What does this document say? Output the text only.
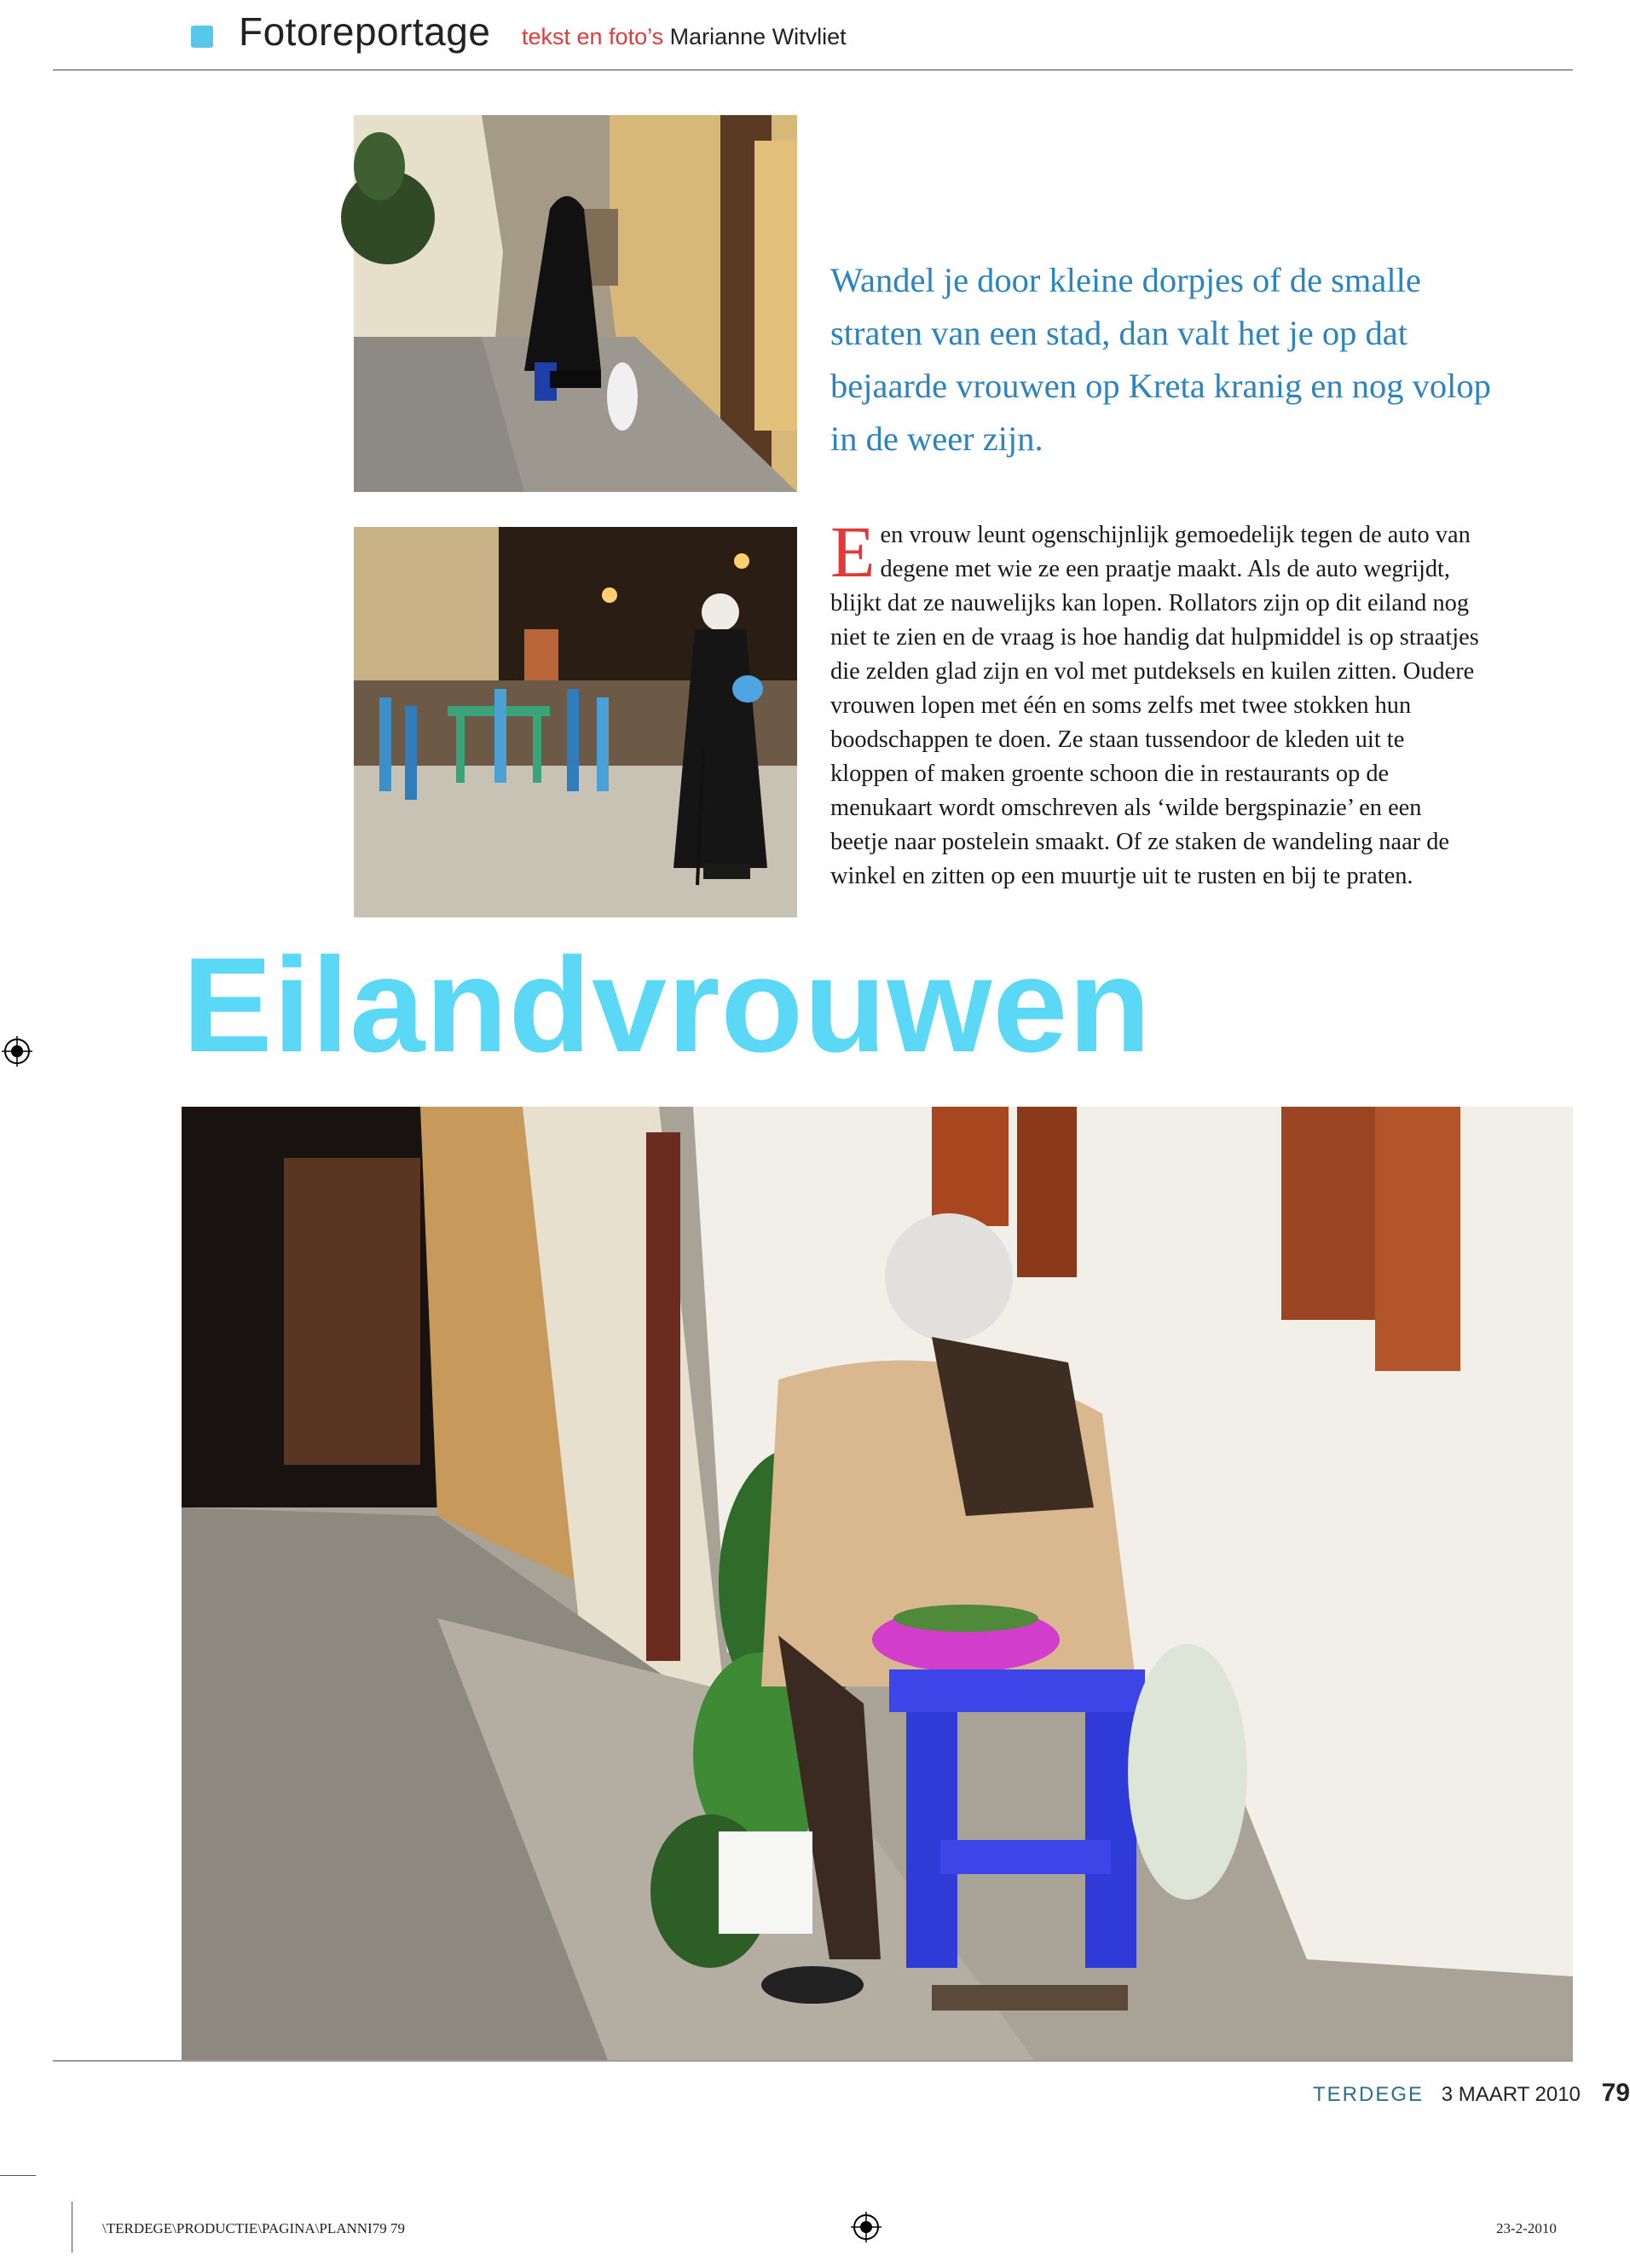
Fotoreportage tekst en foto’s Marianne Witvliet
Wandel je door kleine dorpjes of de smalle straten van een stad, dan valt het je op dat bejaarde vrouwen op Kreta kranig en nog volop in de weer zijn.
E en vrouw leunt ogenschijnlijk gemoedelijk tegen de auto van degene met wie ze een praatje maakt. Als de auto wegrijdt, blijkt dat ze nauwelijks kan lopen. Rollators zijn op dit eiland nog niet te zien en de vraag is hoe handig dat hulpmiddel is op straatjes die zelden glad zijn en vol met putdeksels en kuilen zitten. Oudere vrouwen lopen met één en soms zelfs met twee stokken hun boodschappen te doen. Ze staan tussendoor de kleden uit te kloppen of maken groente schoon die in restaurants op de menukaart wordt omschreven als ‘wilde bergspinazie’ en een beetje naar postelein smaakt. Of ze staken de wandeling naar de winkel en zitten op een muurtje uit te rusten en bij te praten.
Eilandvrouwen
TERDEGE 3 MAART 2010 79
\TERDEGE\PRODUCTIE\PAGINA\PLANNI79 79	23-2-2010
